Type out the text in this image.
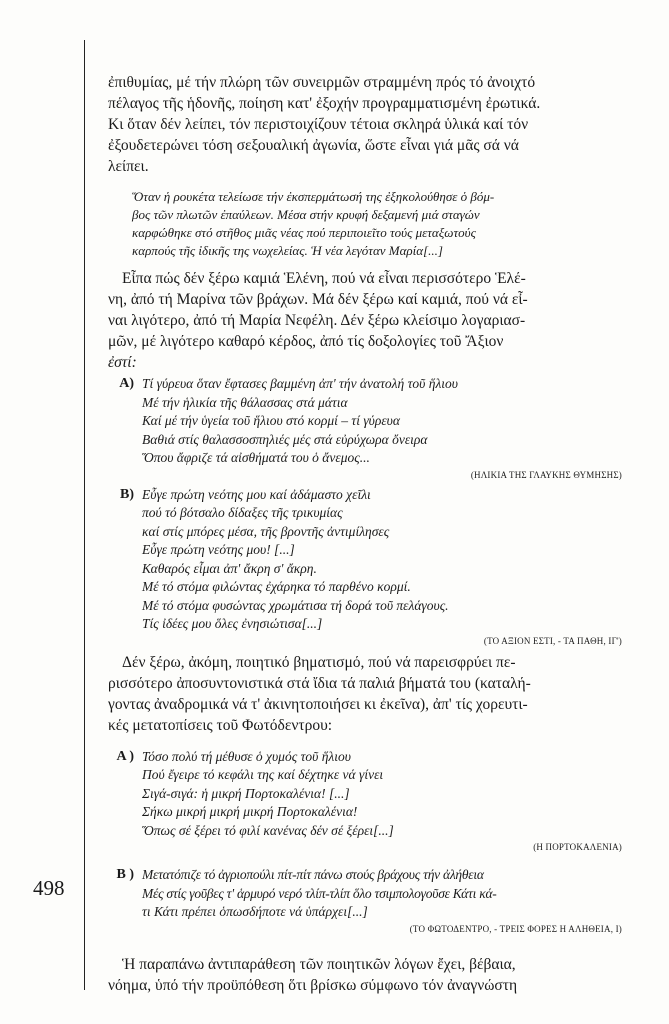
498

ἐπιθυμίας, μέ τήν πλώρη τῶν συνειρμῶν στραμμένη πρός τό ἀνοιχτό

πέλαγος τῆς ἡδονῆς, ποίηση κατ' ἐξοχήν προγραμματισμένη ἐρωτικά.

Κι ὅταν δέν λείπει, τόν περιστοιχίζουν τέτοια σκληρά ὑλικά καί τόν

ἐξουδετερώνει τόση σεξουαλική ἀγωνία, ὥστε εἶναι γιά μᾶς σά νά

λείπει.

Ὅταν ἡ ρουκέτα τελείωσε τήν ἐκσπερμάτωσή της ἐξηκολούθησε ὁ βόμ-

βος τῶν πλωτῶν ἐπαύλεων. Μέσα στήν κρυφή δεξαμενή μιά σταγών

καρφώθηκε στό στῆθος μιᾶς νέας πού περιποιεῖτο τούς μεταξωτούς

καρπούς τῆς ἰδικῆς της νωχελείας. Ἡ νέα λεγόταν Μαρία[...]

Εἶπα πώς δέν ξέρω καμιά Ἑλένη, πού νά εἶναι περισσότερο Ἑλέ-

νη, ἀπό τή Μαρίνα τῶν βράχων. Μά δέν ξέρω καί καμιά, πού νά εἶ-

ναι λιγότερο, ἀπό τή Μαρία Νεφέλη. Δέν ξέρω κλείσιμο λογαριασ-

μῶν, μέ λιγότερο καθαρό κέρδος, ἀπό τίς δοξολογίες τοῦ Ἄξιον

ἐστί:

Α) Τί γύρευα ὅταν ἔφτασες βαμμένη ἀπ' τήν ἀνατολή τοῦ ἥλιου
Μέ τήν ἡλικία τῆς θάλασσας στά μάτια
Καί μέ τήν ὑγεία τοῦ ἥλιου στό κορμί – τί γύρευα
Βαθιά στίς θαλασσοσπηλιές μές στά εὐρύχωρα ὄνειρα
Ὅπου ἄφριζε τά αἰσθήματά του ὁ ἄνεμος...
(ΗΛΙΚΙΑ ΤΗΣ ΓΛΑΥΚΗΣ ΘΥΜΗΣΗΣ)
Β) Εὖγε πρώτη νεότης μου καί ἀδάμαστο χεῖλι
πού τό βότσαλο δίδαξες τῆς τρικυμίας
καί στίς μπόρες μέσα, τῆς βροντῆς ἀντιμίλησες
Εὖγε πρώτη νεότης μου! [...]
Καθαρός εἶμαι ἀπ' ἄκρη σ' ἄκρη.
Μέ τό στόμα φιλώντας ἐχάρηκα τό παρθένο κορμί.
Μέ τό στόμα φυσώντας χρωμάτισα τή δορά τοῦ πελάγους.
Τίς ἰδέες μου ὅλες ἐνησιώτισα[...]
(ΤΟ ΑΞΙΟΝ ΕΣΤΙ, - ΤΑ ΠΑΘΗ, ΙΓ')

Δέν ξέρω, ἀκόμη, ποιητικό βηματισμό, πού νά παρεισφρύει πε-

ρισσότερο ἀποσυντονιστικά στά ἴδια τά παλιά βήματά του (καταλή-

γοντας ἀναδρομικά νά τ' ἀκινητοποιήσει κι ἐκεῖνα), ἀπ' τίς χορευτι-

κές μετατοπίσεις τοῦ Φωτόδεντρου:

Α ) Τόσο πολύ τή μέθυσε ὁ χυμός τοῦ ἥλιου
Πού ἔγειρε τό κεφάλι της καί δέχτηκε νά γίνει
Σιγά-σιγά: ἡ μικρή Πορτοκαλένια! [...]
Σήκω μικρή μικρή μικρή Πορτοκαλένια!
Ὅπως σέ ξέρει τό φιλί κανένας δέν σέ ξέρει[...]
(Η ΠΟΡΤΟΚΑΛΕΝΙΑ)
Β ) Μετατόπιζε τό ἀγριοπούλι πίτ-πίτ πάνω στούς βράχους τήν ἀλήθεια
Μές στίς γοῦβες τ' ἁρμυρό νερό τλίπ-τλίπ ὅλο τσιμπολογοῦσε Κάτι κά-
τι Κάτι πρέπει ὁπωσδήποτε νά ὑπάρχει[...]
(ΤΟ ΦΩΤΟΔΕΝΤΡΟ, - ΤΡΕΙΣ ΦΟΡΕΣ Η ΑΛΗΘΕΙΑ, Ι)

Ἡ παραπάνω ἀντιπαράθεση τῶν ποιητικῶν λόγων ἔχει, βέβαια,

νόημα, ὑπό τήν προϋπόθεση ὅτι βρίσκω σύμφωνο τόν ἀναγνώστη
